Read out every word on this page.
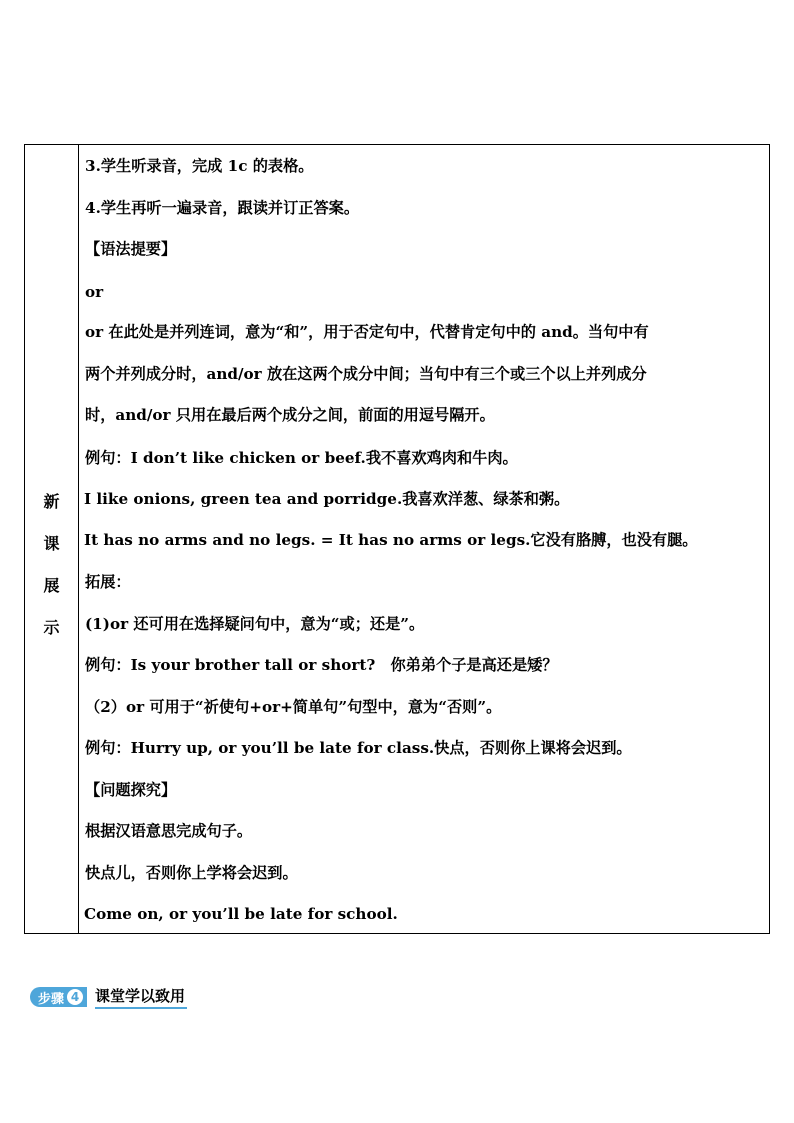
新
课
展
示
3.学生听录音，完成 1c 的表格。
4.学生再听一遍录音，跟读并订正答案。
【语法提要】
or
or 在此处是并列连词，意为“和”，用于否定句中，代替肯定句中的 and。当句中有
两个并列成分时，and/or 放在这两个成分中间；当句中有三个或三个以上并列成分
时，and/or 只用在最后两个成分之间，前面的用逗号隔开。
例句：I don’t like chicken or beef.我不喜欢鸡肉和牛肉。
I like onions, green tea and porridge.我喜欢洋葱、绿茶和粥。
It has no arms and no legs. = It has no arms or legs.它没有胳膊，也没有腿。
拓展：
(1)or 还可用在选择疑问句中，意为“或；还是”。
例句：Is your brother tall or short?　你弟弟个子是高还是矮？
（2）or 可用于“祈使句+or+简单句”句型中，意为“否则”。
例句：Hurry up, or you’ll be late for class.快点，否则你上课将会迟到。
【问题探究】
根据汉语意思完成句子。
快点儿，否则你上学将会迟到。
Come on, or you’ll be late for school.
步骤 4 课堂学以致用
